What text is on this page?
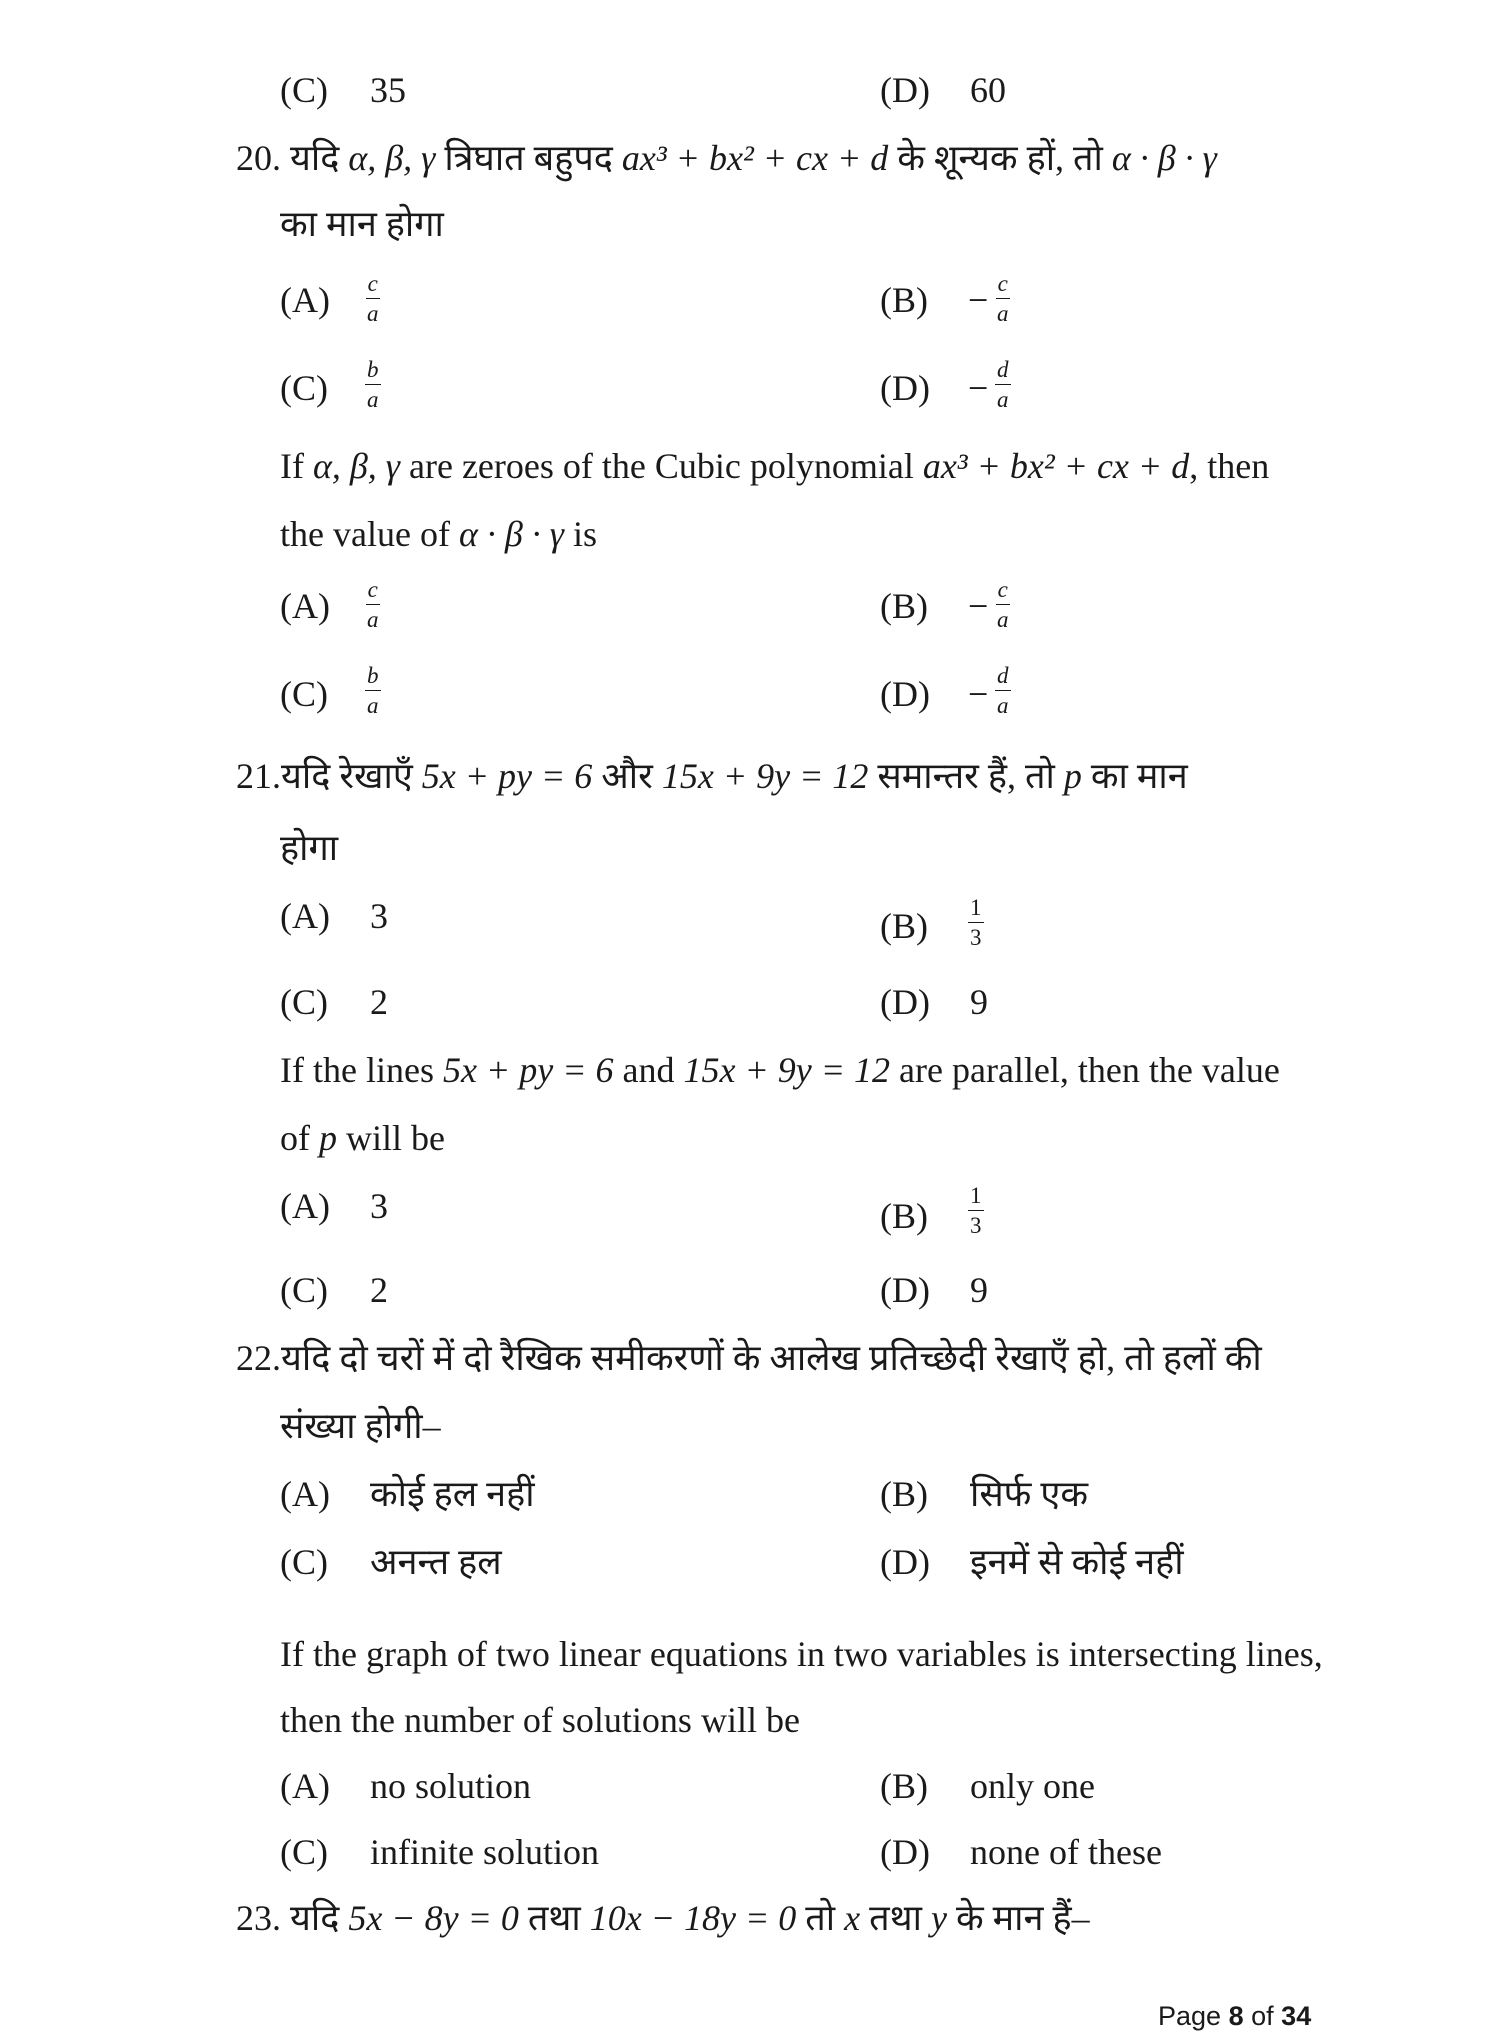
(C) 35	(D) 60
20. यदि α, β, γ त्रिघात बहुपद ax³ + bx² + cx + d के शून्यक हों, तो α · β · γ
का मान होगा
$(A) \frac{c}{a}$	$(B) - \frac{c}{a}$
$(C) \frac{b}{a}$	$(D) - \frac{d}{a}$
If α, β, γ are zeroes of the Cubic polynomial ax³ + bx² + cx + d, then
the value of α · β · γ is
$(A) \frac{c}{a}$	$(B) - \frac{c}{a}$
$(C) \frac{b}{a}$	$(D) - \frac{d}{a}$
21.यदि रेखाएँ 5x + py = 6 और 15x + 9y = 12 समान्तर हैं, तो p का मान
होगा
(A) 3	$(B) \frac{1}{3}$
(C) 2	(D) 9
If the lines 5x + py = 6 and 15x + 9y = 12 are parallel, then the value
of p will be
(A) 3	$(B) \frac{1}{3}$
(C) 2	(D) 9
22.यदि दो चरों में दो रैखिक समीकरणों के आलेख प्रतिच्छेदी रेखाएँ हो, तो हलों की
संख्या होगी–
(A) कोई हल नहीं	(B) सिर्फ एक
(C) अनन्त हल	(D) इनमें से कोई नहीं
If the graph of two linear equations in two variables is intersecting lines,
then the number of solutions will be
(A) no solution	(B) only one
(C) infinite solution	(D) none of these
23. यदि 5x − 8y = 0 तथा 10x − 18y = 0 तो x तथा y के मान हैं–
Page 8 of 34
